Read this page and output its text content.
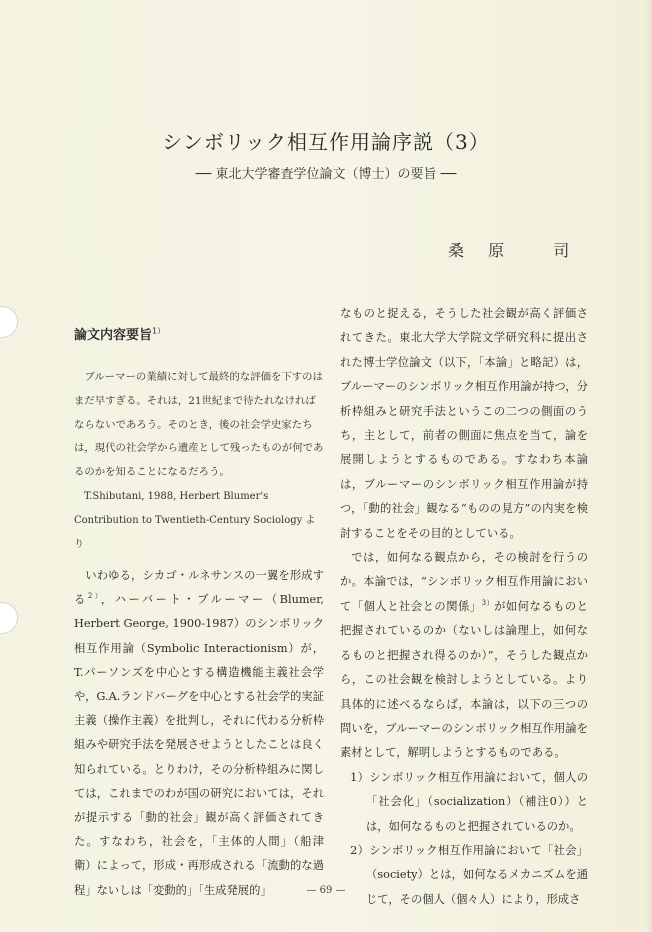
シンボリック相互作用論序説（3）
── 東北大学審査学位論文（博士）の要旨 ──
桑 原	司
論文内容要旨$^{1)}$

ブルーマーの業績に対して最終的な評価を下すのはまだ早すぎる。それは，21世紀まで待たれなければならないであろう。そのとき，後の社会学史家たちは，現代の社会学から遺産として残ったものが何であるのかを知ることになるだろう。

T.Shibutani, 1988, Herbert Blumer's Contribution to Twentieth-Century Sociology より

いわゆる，シカゴ・ルネサンスの一翼を形成する$^{2)}$，ハーバート・ブルーマー（Blumer, Herbert George, 1900-1987）のシンボリック相互作用論（Symbolic Interactionism）が，T.パーソンズを中心とする構造機能主義社会学や，G.A.ランドバーグを中心とする社会学的実証主義（操作主義）を批判し，それに代わる分析枠組みや研究手法を発展させようとしたことは良く知られている。とりわけ，その分析枠組みに関しては，これまでのわが国の研究においては，それが提示する「動的社会」観が高く評価されてきた。すなわち，社会を，「主体的人間」（船津　衛）によって，形成・再形成される「流動的な過程」ないしは「変動的」「生成発展的」

なものと捉える，そうした社会観が高く評価されてきた。東北大学大学院文学研究科に提出された博士学位論文（以下，「本論」と略記）は，ブルーマーのシンボリック相互作用論が持つ，分析枠組みと研究手法というこの二つの側面のうち，主として，前者の側面に焦点を当て，論を展開しようとするものである。すなわち本論は，ブルーマーのシンボリック相互作用論が持つ，「動的社会」観なる“ものの見方”の内実を検討することをその目的としている。

では，如何なる観点から，その検討を行うのか。本論では，“シンボリック相互作用論において「個人と社会との関係」$^{3)}$が如何なるものと把握されているのか（ないしは論理上，如何なるものと把握され得るのか）”，そうした観点から，この社会観を検討しようとしている。より具体的に述べるならば，本論は，以下の三つの問いを，ブルーマーのシンボリック相互作用論を素材として，解明しようとするものである。

1）シンボリック相互作用論において，個人の「社会化」（socialization）（補注0））とは，如何なるものと把握されているのか。

2）シンボリック相互作用論において「社会」（society）とは，如何なるメカニズムを通じて，その個人（個々人）により，形成さ

— 69 —
